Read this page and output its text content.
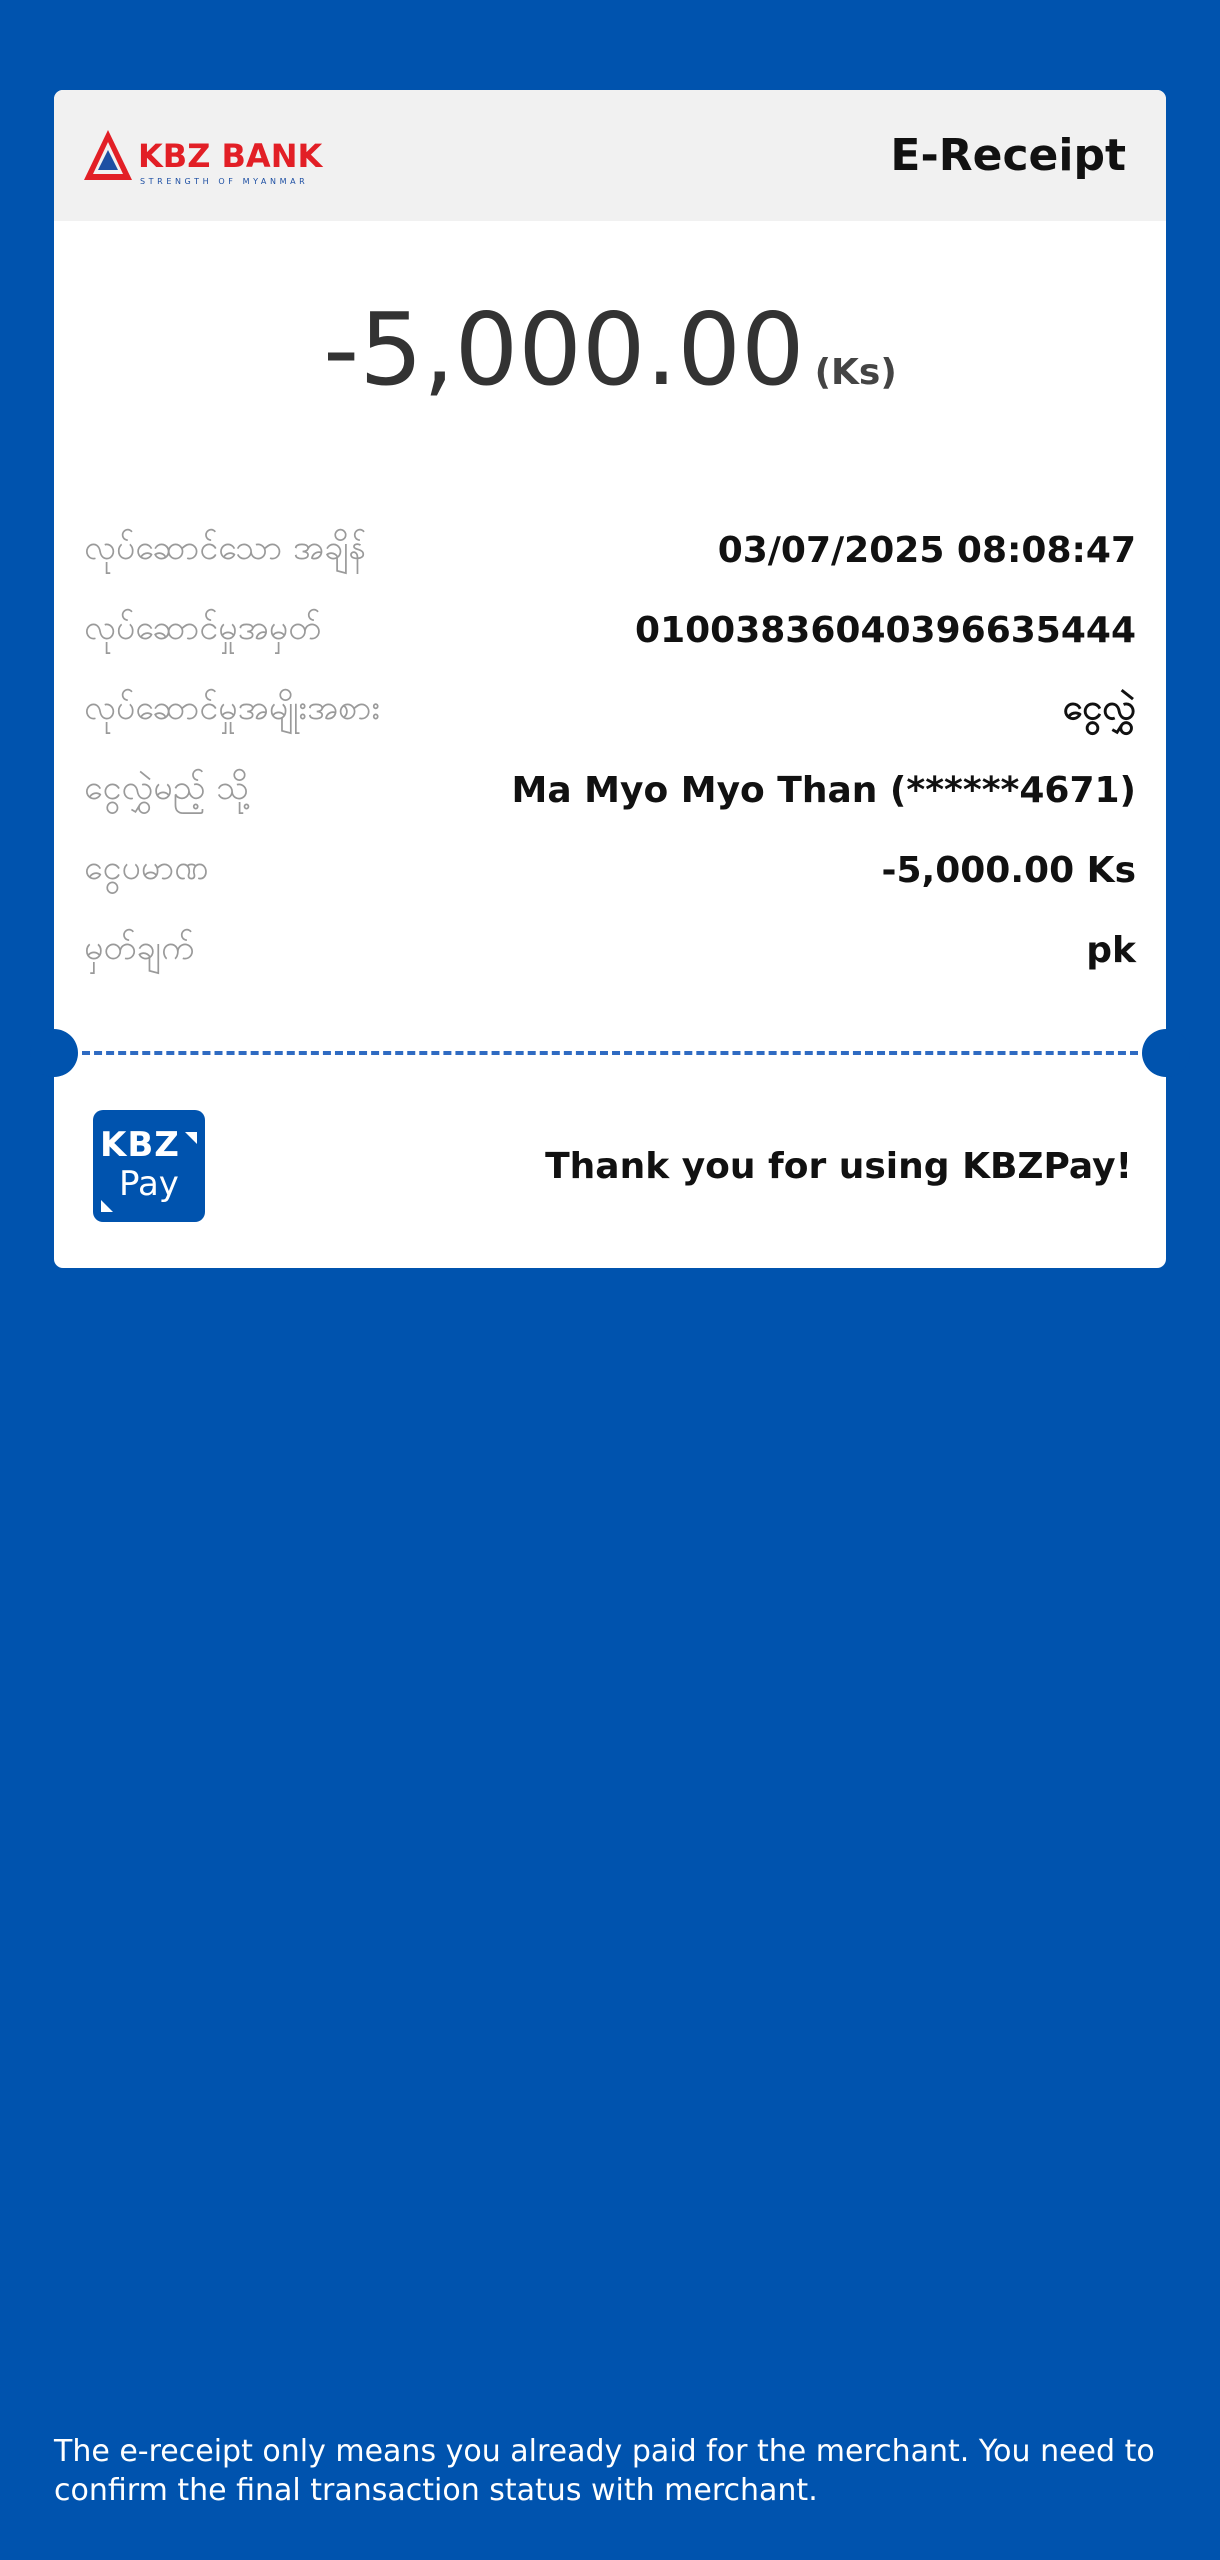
KBZ BANK
STRENGTH OF MYANMAR
E-Receipt
-5,000.00 (Ks)
လုပ်ဆောင်သော အချိန်	03/07/2025 08:08:47
လုပ်ဆောင်မှုအမှတ်	01003836040396635444
လုပ်ဆောင်မှုအမျိုးအစား	ငွေလွှဲ
ငွေလွှဲမည့် သို့	Ma Myo Myo Than (******4671)
ငွေပမာဏ	-5,000.00 Ks
မှတ်ချက်	pk
KBZ
Pay	Thank you for using KBZPay!
The e-receipt only means you already paid for the merchant. You need to confirm the final transaction status with merchant.
